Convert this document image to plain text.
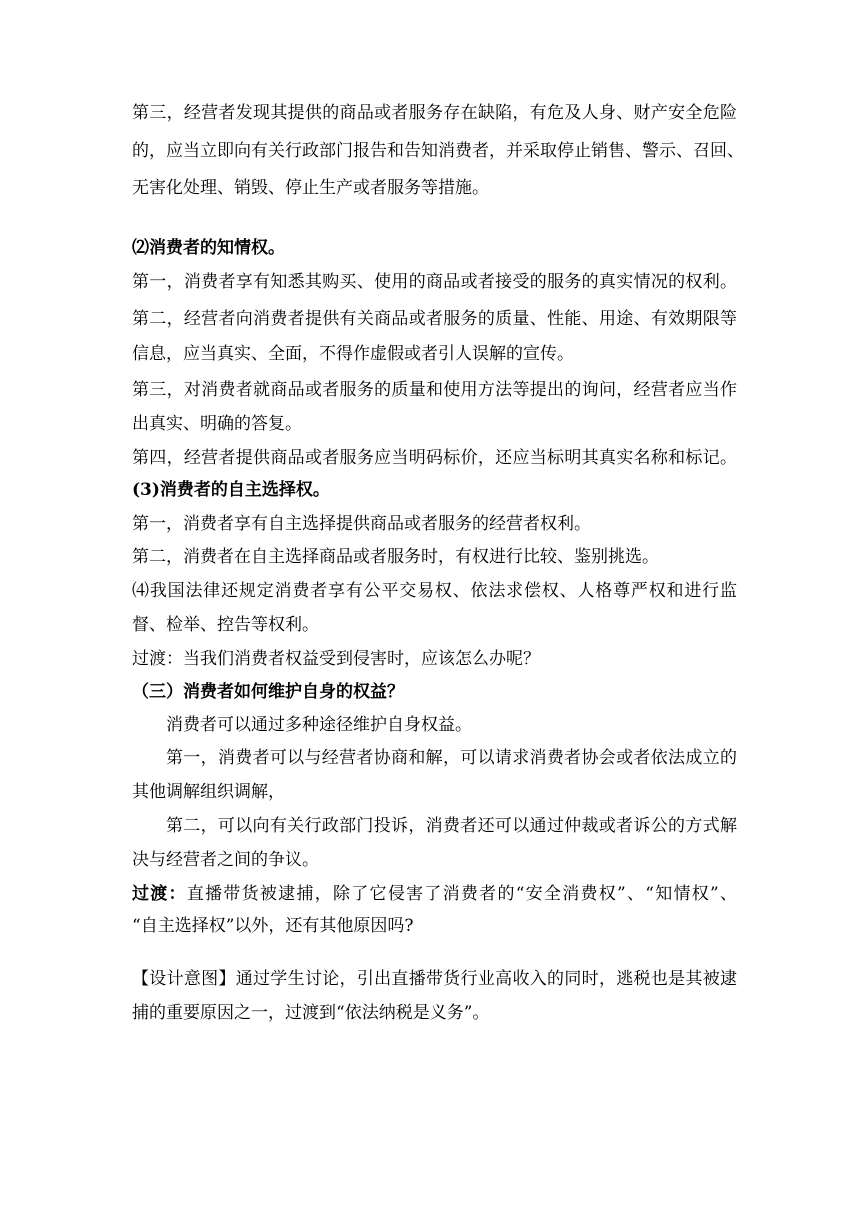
第三，经营者发现其提供的商品或者服务存在缺陷，有危及人身、财产安全危险
的，应当立即向有关行政部门报告和告知消费者，并采取停止销售、警示、召回、
无害化处理、销毁、停止生产或者服务等措施。
⑵消费者的知情权。
第一，消费者享有知悉其购买、使用的商品或者接受的服务的真实情况的权利。
第二，经营者向消费者提供有关商品或者服务的质量、性能、用途、有效期限等
信息，应当真实、全面，不得作虚假或者引人误解的宣传。
第三，对消费者就商品或者服务的质量和使用方法等提出的询问，经营者应当作
出真实、明确的答复。
第四，经营者提供商品或者服务应当明码标价，还应当标明其真实名称和标记。
(3)消费者的自主选择权。
第一，消费者享有自主选择提供商品或者服务的经营者权利。
第二，消费者在自主选择商品或者服务时，有权进行比较、鉴别挑选。
⑷我国法律还规定消费者享有公平交易权、依法求偿权、人格尊严权和进行监
督、检举、控告等权利。
过渡：当我们消费者权益受到侵害时，应该怎么办呢？
（三）消费者如何维护自身的权益？
消费者可以通过多种途径维护自身权益。
第一，消费者可以与经营者协商和解，可以请求消费者协会或者依法成立的
其他调解组织调解，
第二，可以向有关行政部门投诉，消费者还可以通过仲裁或者诉公的方式解
决与经营者之间的争议。
过渡：直播带货被逮捕，除了它侵害了消费者的“安全消费权”、“知情权”、
“自主选择权”以外，还有其他原因吗?
【设计意图】通过学生讨论，引出直播带货行业高收入的同时，逃税也是其被逮
捕的重要原因之一，过渡到“依法纳税是义务”。
